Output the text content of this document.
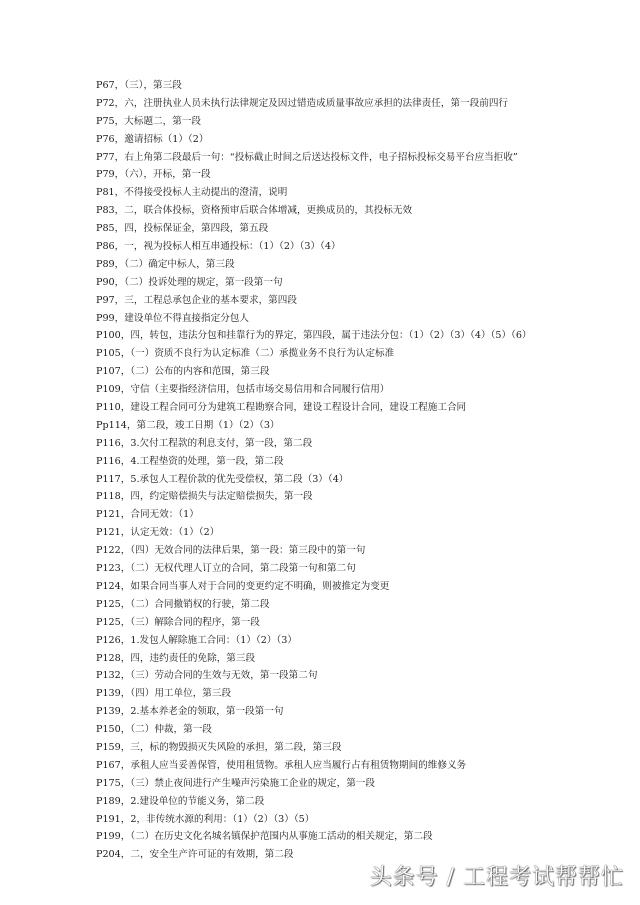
P67，（三），第三段
P72，六，注册执业人员未执行法律规定及因过错造成质量事故应承担的法律责任，第一段前四行
P75，大标题二，第一段
P76，邀请招标（1）（2）
P77，右上角第二段最后一句：“投标截止时间之后送达投标文件，电子招标投标交易平台应当拒收”
P79，（六），开标，第一段
P81，不得接受投标人主动提出的澄清，说明
P83，二，联合体投标，资格预审后联合体增减，更换成员的，其投标无效
P85，四，投标保证金，第四段，第五段
P86，一，视为投标人相互串通投标：（1）（2）（3）（4）
P89，（二）确定中标人，第三段
P90，（二）投诉处理的规定，第一段第一句
P97，三，工程总承包企业的基本要求，第四段
P99，建设单位不得直接指定分包人
P100，四，转包，违法分包和挂靠行为的界定，第四段，属于违法分包：（1）（2）（3）（4）（5）（6）
P105，（一）资质不良行为认定标准（二）承揽业务不良行为认定标准
P107，（二）公布的内容和范围，第三段
P109，守信（主要指经济信用，包括市场交易信用和合同履行信用）
P110，建设工程合同可分为建筑工程勘察合同，建设工程设计合同，建设工程施工合同
Pp114，第二段，竣工日期（1）（2）（3）
P116，3.欠付工程款的利息支付，第一段，第二段
P116，4.工程垫资的处理，第一段，第二段
P117，5.承包人工程价款的优先受偿权，第二段（3）（4）
P118，四，约定赔偿损失与法定赔偿损失，第一段
P121，合同无效：（1）
P121，认定无效：（1）（2）
P122，（四）无效合同的法律后果，第一段：第三段中的第一句
P123，（二）无权代理人订立的合同，第二段第一句和第二句
P124，如果合同当事人对于合同的变更约定不明确，则被推定为变更
P125，（二）合同撤销权的行驶，第二段
P125，（三）解除合同的程序，第一段
P126，1.发包人解除施工合同：（1）（2）（3）
P128，四，违约责任的免除，第三段
P132，（三）劳动合同的生效与无效，第一段第二句
P139，（四）用工单位，第三段
P139，2.基本养老金的领取，第一段第一句
P150，（二）仲裁，第一段
P159，三，标的物毁损灭失风险的承担，第二段，第三段
P167，承租人应当妥善保管，使用租赁物。承租人应当履行占有租赁物期间的维修义务
P175，（三）禁止夜间进行产生噪声污染施工企业的规定，第一段
P189，2.建设单位的节能义务，第二段
P191，2，非传统水源的利用：（1）（2）（3）（5）
P199，（二）在历史文化名城名镇保护范围内从事施工活动的相关规定，第二段
P204，二，安全生产许可证的有效期，第二段
头条号 / 工程考试帮帮忙
